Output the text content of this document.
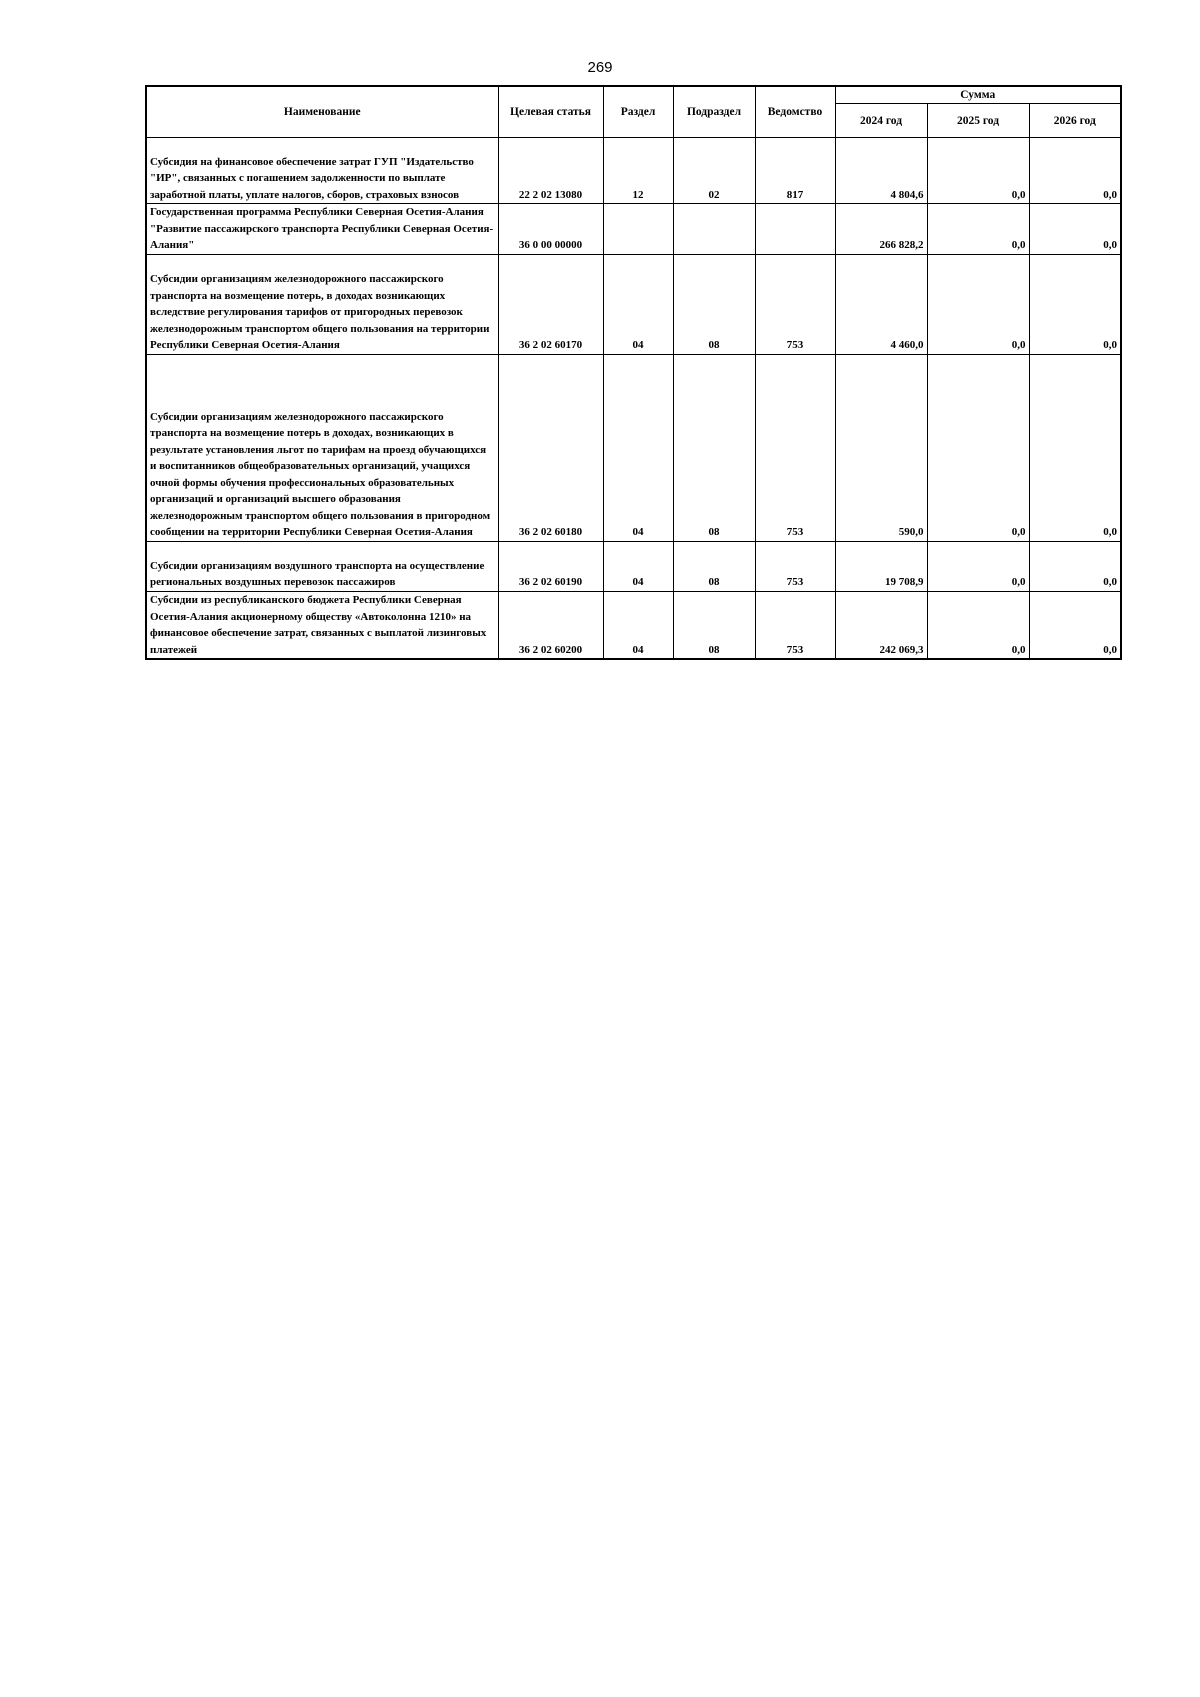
269
Наименование	Целевая статья	Раздел	Подраздел	Ведомство	Сумма		
					2024 год	2025 год	2026 год
Субсидия на финансовое обеспечение затрат ГУП "Издательство "ИР", связанных с погашением задолженности по выплате заработной платы, уплате налогов, сборов, страховых взносов	22 2 02 13080	12	02	817	4 804,6	0,0	0,0
Государственная программа Республики Северная Осетия-Алания "Развитие пассажирского транспорта Республики Северная Осетия-Алания"	36 0 00 00000				266 828,2	0,0	0,0
Субсидии организациям железнодорожного пассажирского транспорта на возмещение потерь, в доходах возникающих вследствие регулирования тарифов от пригородных перевозок железнодорожным транспортом общего пользования на территории Республики Северная Осетия-Алания	36 2 02 60170	04	08	753	4 460,0	0,0	0,0
Субсидии организациям железнодорожного пассажирского транспорта на возмещение потерь в доходах, возникающих в результате установления льгот по тарифам на проезд обучающихся и воспитанников общеобразовательных организаций, учащихся очной формы обучения профессиональных образовательных организаций и организаций высшего образования железнодорожным транспортом общего пользования в пригородном сообщении на территории Республики Северная Осетия-Алания	36 2 02 60180	04	08	753	590,0	0,0	0,0
Субсидии организациям воздушного транспорта на осуществление региональных воздушных перевозок пассажиров	36 2 02 60190	04	08	753	19 708,9	0,0	0,0
Субсидии из республиканского бюджета Республики Северная Осетия-Алания акционерному обществу «Автоколонна 1210» на финансовое обеспечение затрат, связанных с выплатой лизинговых платежей	36 2 02 60200	04	08	753	242 069,3	0,0	0,0
